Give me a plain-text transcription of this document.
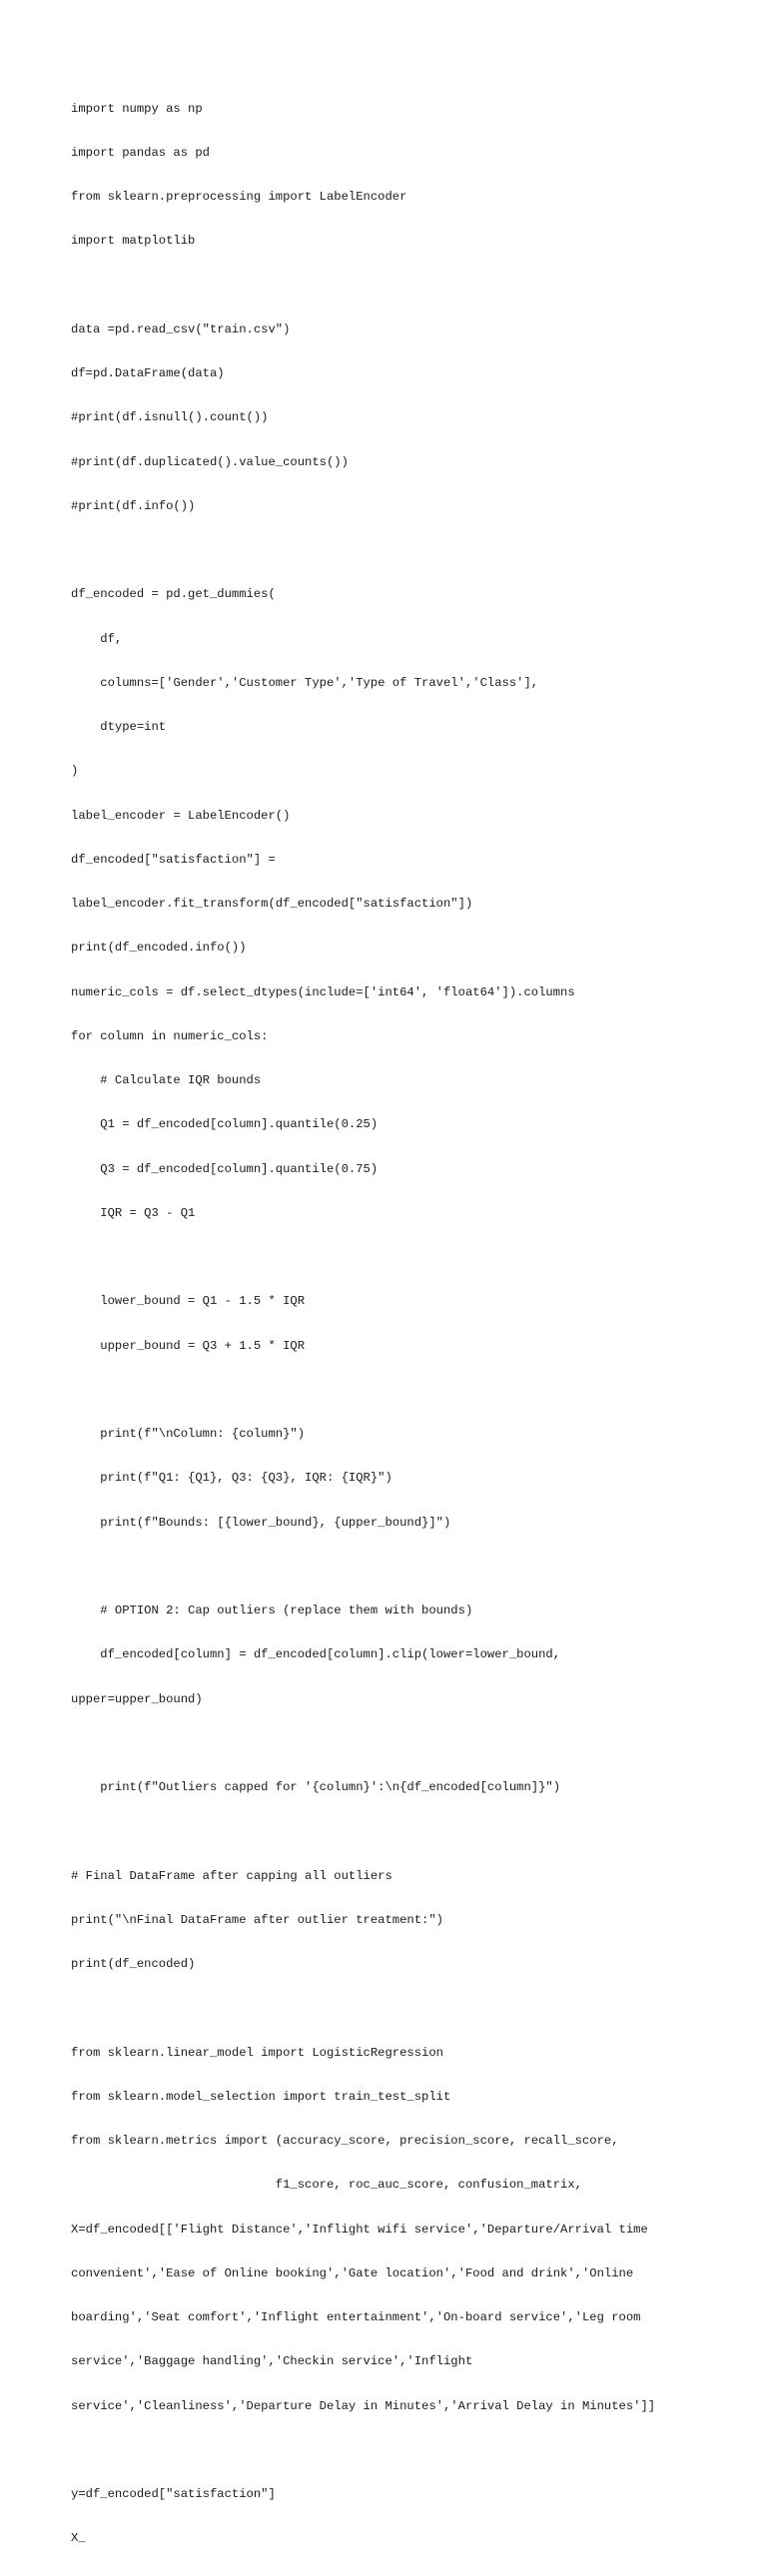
import numpy as np

import pandas as pd

from sklearn.preprocessing import LabelEncoder

import matplotlib

data =pd.read_csv("train.csv")

df=pd.DataFrame(data)

#print(df.isnull().count())

#print(df.duplicated().value_counts())

#print(df.info())

df_encoded = pd.get_dummies(

df,

columns=['Gender','Customer Type','Type of Travel','Class'],

dtype=int

)

label_encoder = LabelEncoder()

df_encoded["satisfaction"] =

label_encoder.fit_transform(df_encoded["satisfaction"])

print(df_encoded.info())

numeric_cols = df.select_dtypes(include=['int64', 'float64']).columns

for column in numeric_cols:

# Calculate IQR bounds

Q1 = df_encoded[column].quantile(0.25)

Q3 = df_encoded[column].quantile(0.75)

IQR = Q3 - Q1

lower_bound = Q1 - 1.5 * IQR

upper_bound = Q3 + 1.5 * IQR

print(f"\nColumn: {column}")

print(f"Q1: {Q1}, Q3: {Q3}, IQR: {IQR}")

print(f"Bounds: [{lower_bound}, {upper_bound}]")

# OPTION 2: Cap outliers (replace them with bounds)

df_encoded[column] = df_encoded[column].clip(lower=lower_bound,

upper=upper_bound)

print(f"Outliers capped for '{column}':\n{df_encoded[column]}")

# Final DataFrame after capping all outliers

print("\nFinal DataFrame after outlier treatment:")

print(df_encoded)

from sklearn.linear_model import LogisticRegression

from sklearn.model_selection import train_test_split

from sklearn.metrics import (accuracy_score, precision_score, recall_score,

f1_score, roc_auc_score, confusion_matrix,

X=df_encoded[['Flight Distance','Inflight wifi service','Departure/Arrival time

convenient','Ease of Online booking','Gate location','Food and drink','Online

boarding','Seat comfort','Inflight entertainment','On-board service','Leg room

service','Baggage handling','Checkin service','Inflight

service','Cleanliness','Departure Delay in Minutes','Arrival Delay in Minutes']]

y=df_encoded["satisfaction"]

X_
